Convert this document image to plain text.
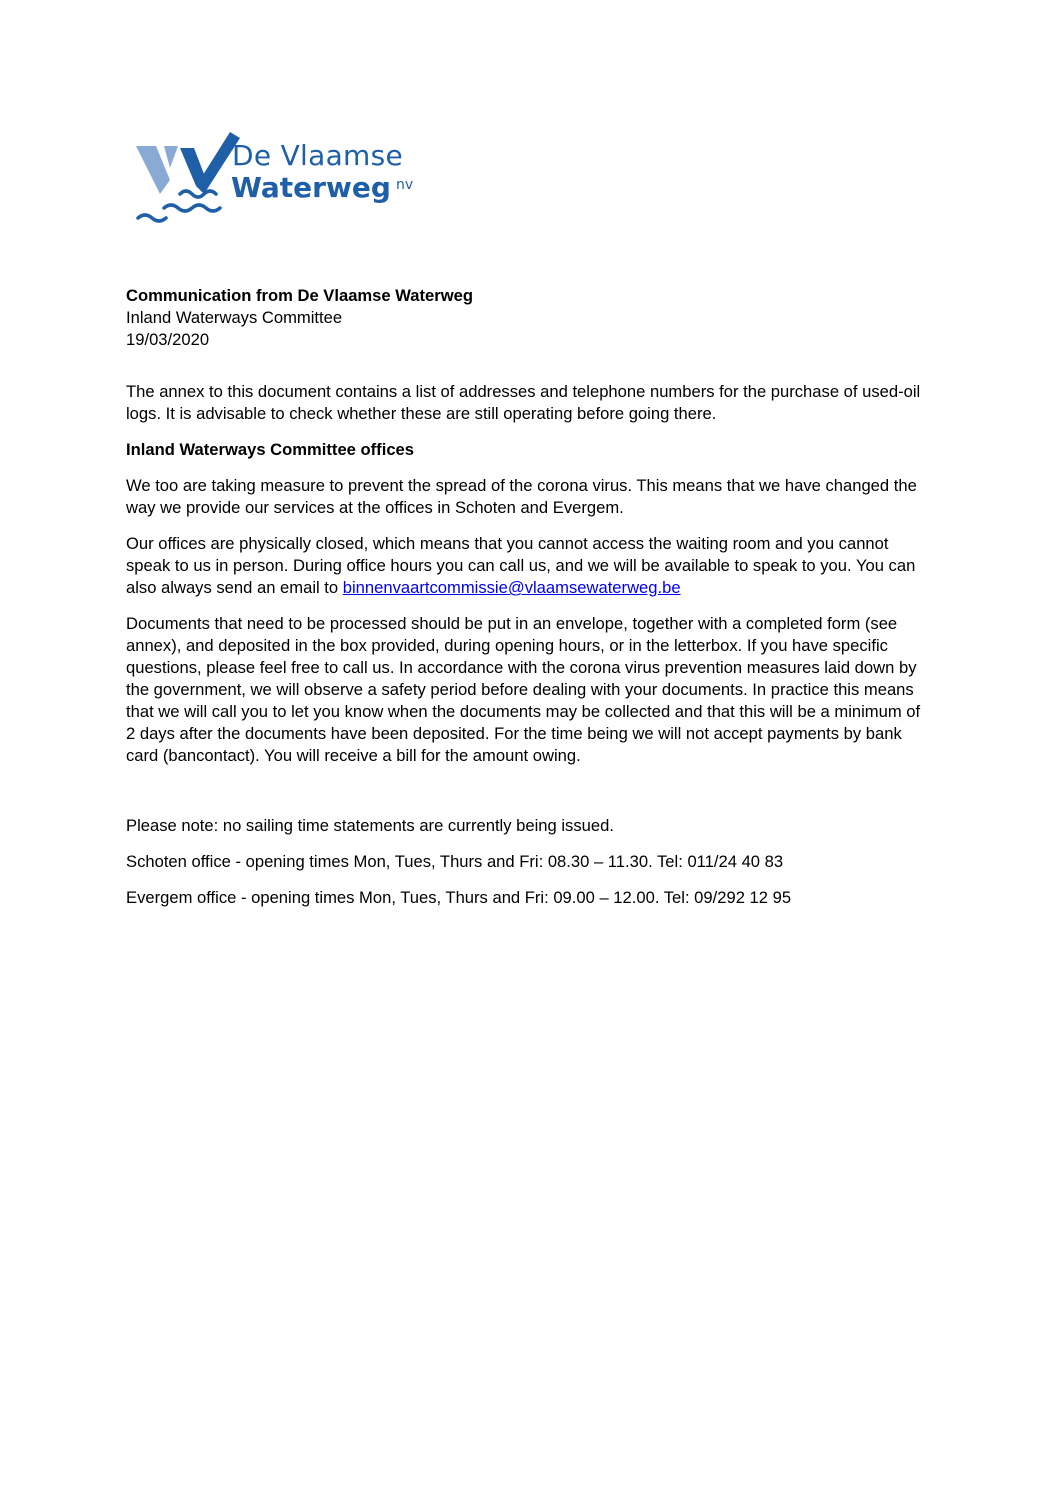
De Vlaamse
Waterweg nv

Communication from De Vlaamse Waterweg

Inland Waterways Committee

19/03/2020

The annex to this document contains a list of addresses and telephone numbers for the purchase of used-oil logs. It is advisable to check whether these are still operating before going there.

Inland Waterways Committee offices

We too are taking measure to prevent the spread of the corona virus. This means that we have changed the way we provide our services at the offices in Schoten and Evergem.

Our offices are physically closed, which means that you cannot access the waiting room and you cannot speak to us in person. During office hours you can call us, and we will be available to speak to you. You can also always send an email to binnenvaartcommissie@vlaamsewaterweg.be

Documents that need to be processed should be put in an envelope, together with a completed form (see annex), and deposited in the box provided, during opening hours, or in the letterbox. If you have specific questions, please feel free to call us. In accordance with the corona virus prevention measures laid down by the government, we will observe a safety period before dealing with your documents. In practice this means that we will call you to let you know when the documents may be collected and that this will be a minimum of 2 days after the documents have been deposited. For the time being we will not accept payments by bank card (bancontact). You will receive a bill for the amount owing.

Please note: no sailing time statements are currently being issued.

Schoten office - opening times Mon, Tues, Thurs and Fri: 08.30 – 11.30. Tel: 011/24 40 83

Evergem office - opening times Mon, Tues, Thurs and Fri: 09.00 – 12.00. Tel: 09/292 12 95
